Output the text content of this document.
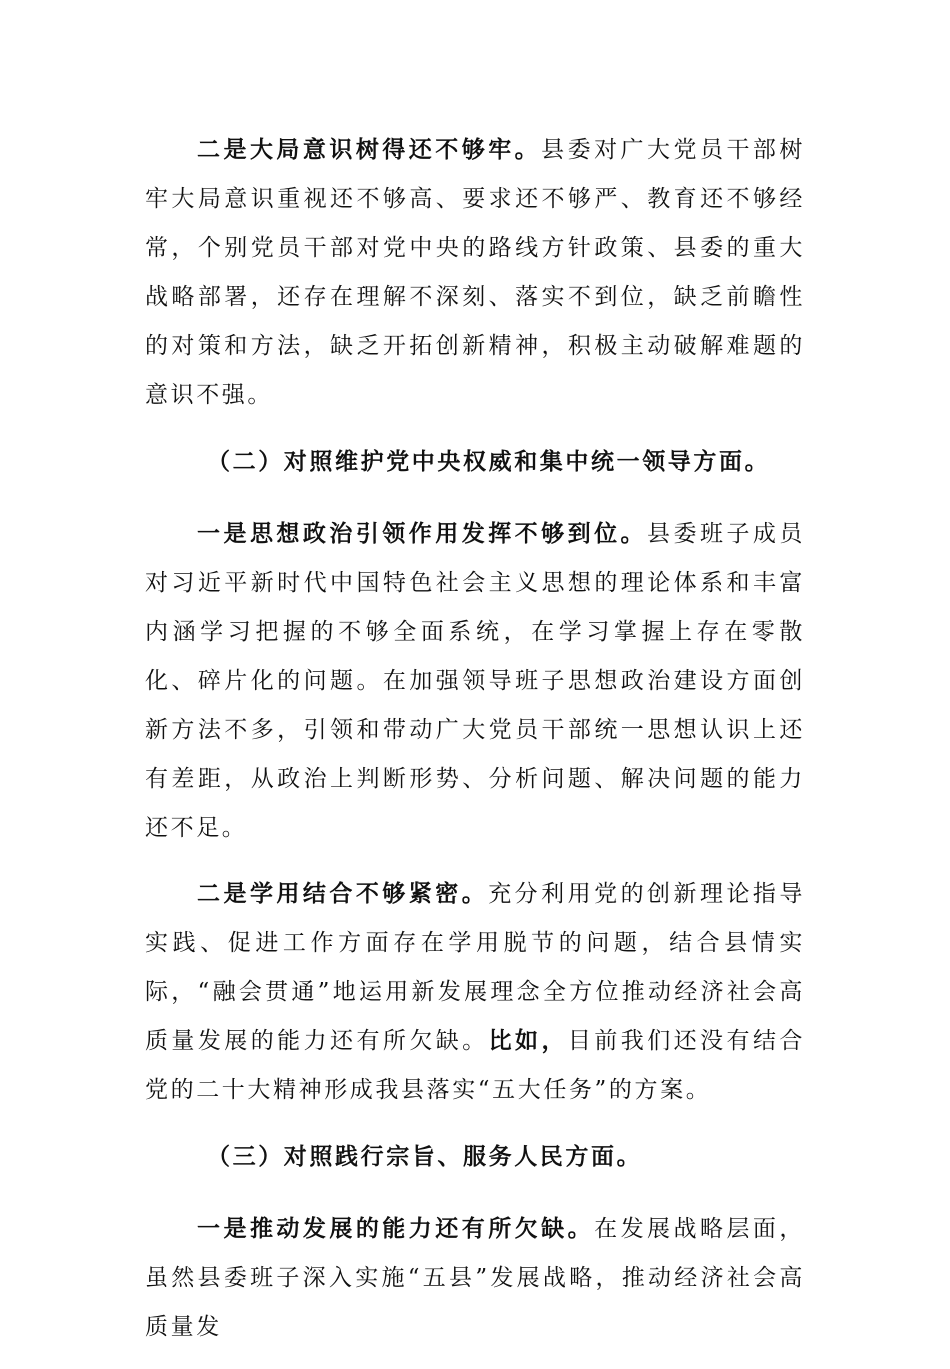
二是大局意识树得还不够牢。县委对广大党员干部树牢大局意识重视还不够高、要求还不够严、教育还不够经常，个别党员干部对党中央的路线方针政策、县委的重大战略部署，还存在理解不深刻、落实不到位，缺乏前瞻性的对策和方法，缺乏开拓创新精神，积极主动破解难题的意识不强。

（二）对照维护党中央权威和集中统一领导方面。

一是思想政治引领作用发挥不够到位。县委班子成员对习近平新时代中国特色社会主义思想的理论体系和丰富内涵学习把握的不够全面系统，在学习掌握上存在零散化、碎片化的问题。在加强领导班子思想政治建设方面创新方法不多，引领和带动广大党员干部统一思想认识上还有差距，从政治上判断形势、分析问题、解决问题的能力还不足。

二是学用结合不够紧密。充分利用党的创新理论指导实践、促进工作方面存在学用脱节的问题，结合县情实际，“融会贯通”地运用新发展理念全方位推动经济社会高质量发展的能力还有所欠缺。比如，目前我们还没有结合党的二十大精神形成我县落实“五大任务”的方案。

（三）对照践行宗旨、服务人民方面。

一是推动发展的能力还有所欠缺。在发展战略层面，虽然县委班子深入实施“五县”发展战略，推动经济社会高质量发
